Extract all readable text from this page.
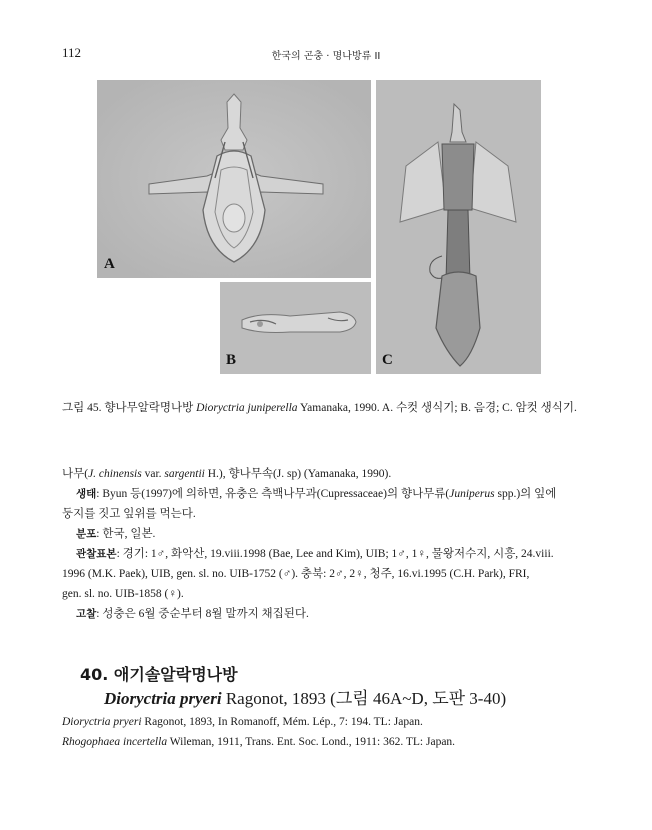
112	한국의 곤충 · 명나방류 II
A
B	C
그림 45. 향나무알락명나방 Dioryctria juniperella Yamanaka, 1990. A. 수컷 생식기; B. 음경; C. 암컷 생식기.

나무(J. chinensis var. sargentii H.), 향나무속(J. sp) (Yamanaka, 1990).

생태: Byun 등(1997)에 의하면, 유충은 측백나무과(Cupressaceae)의 향나무류(Juniperus spp.)의 잎에

둥지를 짓고 잎위를 먹는다.

분포: 한국, 일본.

관찰표본: 경기: 1♂, 화악산, 19.viii.1998 (Bae, Lee and Kim), UIB; 1♂, 1♀, 물왕저수지, 시흥, 24.viii.

1996 (M.K. Paek), UIB, gen. sl. no. UIB-1752 (♂). 충북: 2♂, 2♀, 청주, 16.vi.1995 (C.H. Park), FRI,

gen. sl. no. UIB-1858 (♀).

고찰: 성충은 6월 중순부터 8월 말까지 채집된다.

40. 애기솔알락명나방
Dioryctria pryeri Ragonot, 1893 (그림 46A~D, 도판 3-40)
Dioryctria pryeri Ragonot, 1893, In Romanoff, Mém. Lép., 7: 194. TL: Japan.
Rhogophaea incertella Wileman, 1911, Trans. Ent. Soc. Lond., 1911: 362. TL: Japan.
